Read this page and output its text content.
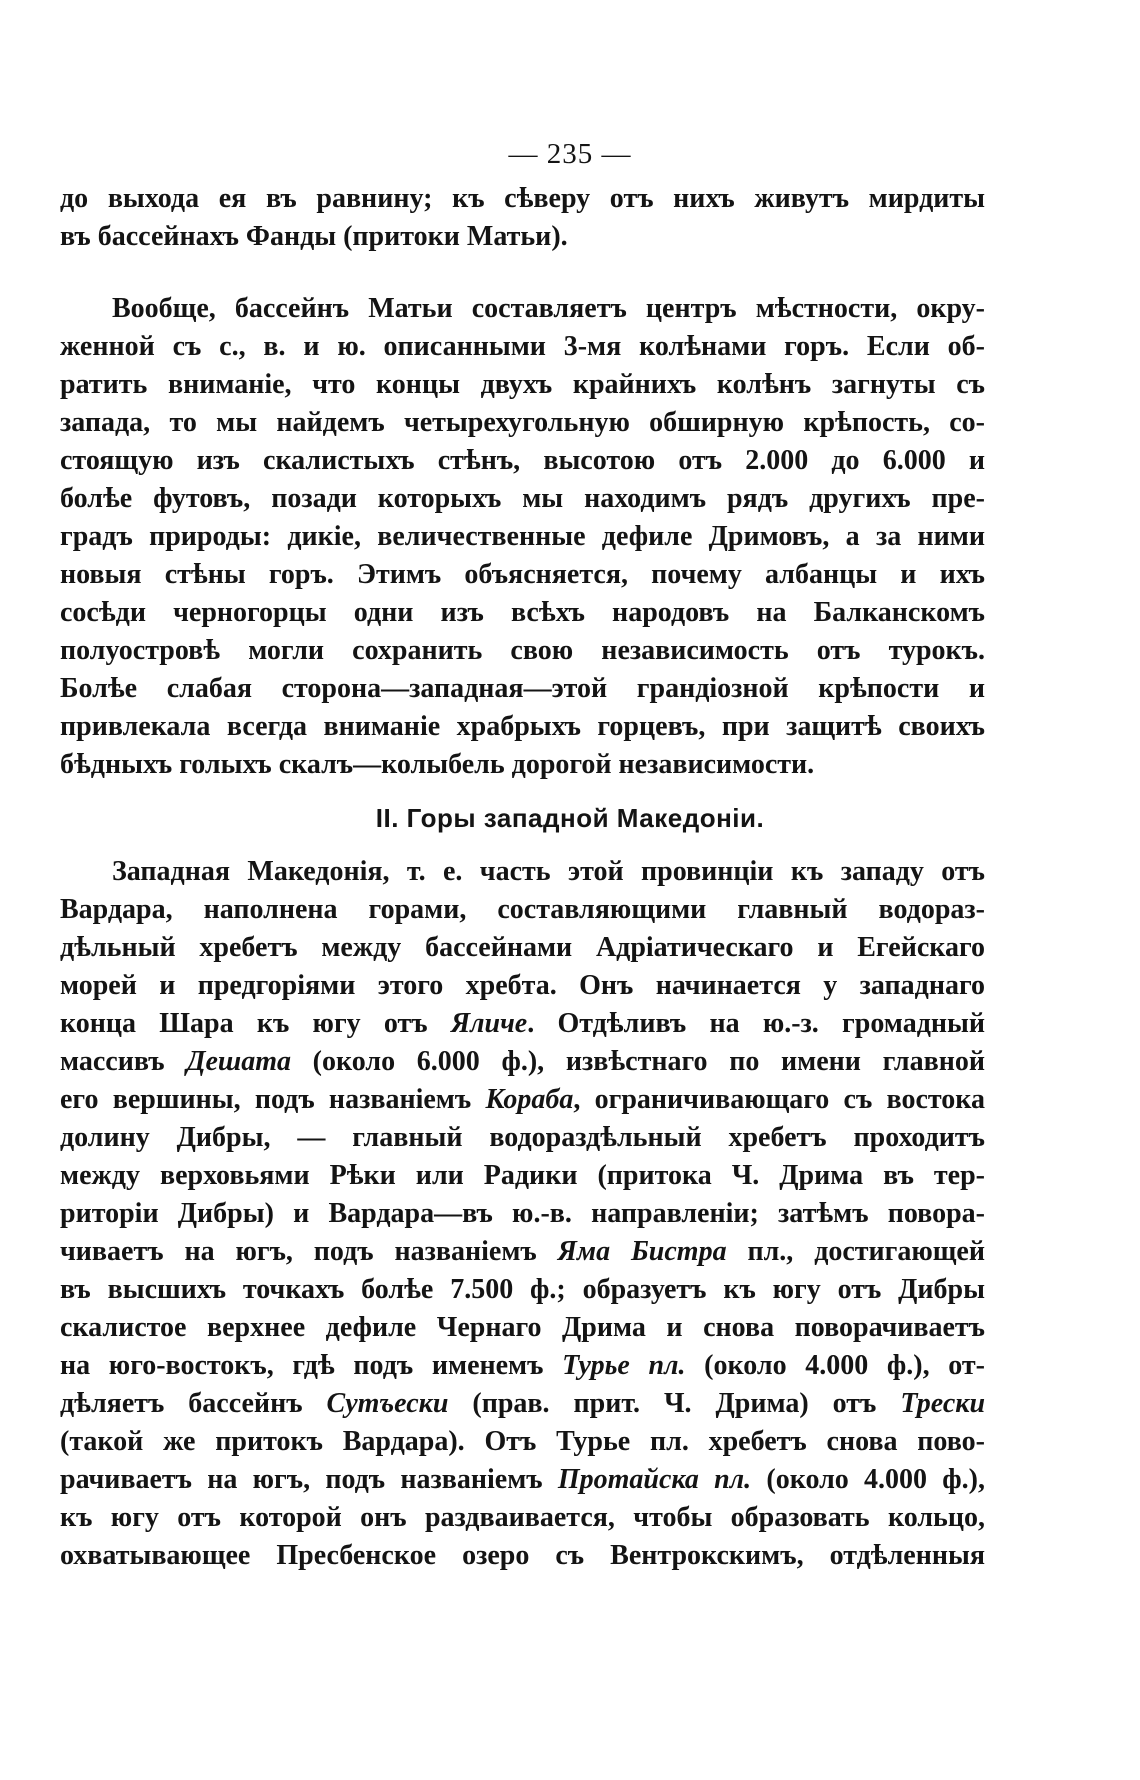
— 235 —
до выхода ея въ равнину; къ сѣверу отъ нихъ живутъ мирдиты
въ бассейнахъ Фанды (притоки Матьи).
Вообще, бассейнъ Матьи составляетъ центръ мѣстности, окру-
женной съ с., в. и ю. описанными 3-мя колѣнами горъ. Если об-
ратить вниманіе, что концы двухъ крайнихъ колѣнъ загнуты съ
запада, то мы найдемъ четырехугольную обширную крѣпость, со-
стоящую изъ скалистыхъ стѣнъ, высотою отъ 2.000 до 6.000 и
болѣе футовъ, позади которыхъ мы находимъ рядъ другихъ пре-
градъ природы: дикіе, величественные дефиле Дримовъ, а за ними
новыя стѣны горъ. Этимъ объясняется, почему албанцы и ихъ
сосѣди черногорцы одни изъ всѣхъ народовъ на Балканскомъ
полуостровѣ могли сохранить свою независимость отъ турокъ.
Болѣе слабая сторона—западная—этой грандіозной крѣпости и
привлекала всегда вниманіе храбрыхъ горцевъ, при защитѣ своихъ
бѣдныхъ голыхъ скалъ—колыбель дорогой независимости.
II. Горы западной Македоніи.
Западная Македонія, т. е. часть этой провинціи къ западу отъ
Вардара, наполнена горами, составляющими главный водораз-
дѣльный хребетъ между бассейнами Адріатическаго и Егейскаго
морей и предгоріями этого хребта. Онъ начинается у западнаго
конца Шара къ югу отъ Яличе. Отдѣливъ на ю.-з. громадный
массивъ Дешата (около 6.000 ф.), извѣстнаго по имени главной
его вершины, подъ названіемъ Кораба, ограничивающаго съ востока
долину Дибры, — главный водораздѣльный хребетъ проходитъ
между верховьями Рѣки или Радики (притока Ч. Дрима въ тер-
риторіи Дибры) и Вардара—въ ю.-в. направленіи; затѣмъ повора-
чиваетъ на югъ, подъ названіемъ Яма Бистра пл., достигающей
въ высшихъ точкахъ болѣе 7.500 ф.; образуетъ къ югу отъ Дибры
скалистое верхнее дефиле Чернаго Дрима и снова поворачиваетъ
на юго-востокъ, гдѣ подъ именемъ Турье пл. (около 4.000 ф.), от-
дѣляетъ бассейнъ Сутъески (прав. прит. Ч. Дрима) отъ Трески
(такой же притокъ Вардара). Отъ Турье пл. хребетъ снова пово-
рачиваетъ на югъ, подъ названіемъ Протайска пл. (около 4.000 ф.),
къ югу отъ которой онъ раздваивается, чтобы образовать кольцо,
охватывающее Пресбенское озеро съ Вентрокскимъ, отдѣленныя
